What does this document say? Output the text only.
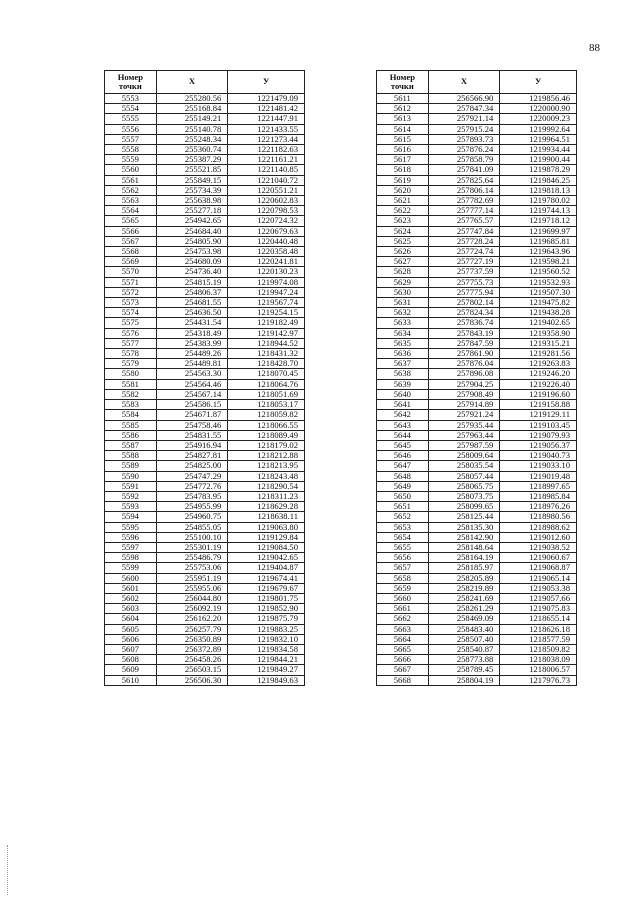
88
Номер точки	Х	У
5553	255280.56	1221479.09
5554	255168.84	1221481.42
5555	255149.21	1221447.91
5556	255140.78	1221433.55
5557	255248.34	1221273.44
5558	255360.74	1221182.63
5559	255387.29	1221161.21
5560	255521.85	1221140.85
5561	255849.15	1221040.72
5562	255734.39	1220551.21
5563	255638.98	1220602.83
5564	255277.18	1220798.53
5565	254942.65	1220724.32
5566	254684.40	1220679.63
5567	254805.90	1220440.48
5568	254753.98	1220358.48
5569	254680.09	1220241.81
5570	254736.40	1220130.23
5571	254815.19	1219974.08
5572	254806.37	1219947.24
5573	254681.55	1219567.74
5574	254636.50	1219254.15
5575	254431.54	1219182.49
5576	254318.49	1219142.97
5577	254383.99	1218944.52
5578	254489.26	1218431.32
5579	254489.81	1218428.70
5580	254563.30	1218070.45
5581	254564.46	1218064.76
5582	254567.14	1218051.69
5583	254586.15	1218053.17
5584	254671.87	1218059.82
5585	254758.46	1218066.55
5586	254831.55	1218089.49
5587	254916.94	1218179.02
5588	254827.81	1218212.88
5589	254825.00	1218213.95
5590	254747.29	1218243.48
5591	254772.76	1218290.54
5592	254783.95	1218311.23
5593	254955.99	1218629.28
5594	254960.75	1218638.11
5595	254855.05	1219063.80
5596	255100.10	1219129.84
5597	255301.19	1219084.50
5598	255486.79	1219042.65
5599	255753.06	1219404.87
5600	255951.19	1219674.41
5601	255955.06	1219679.67
5602	256044.80	1219801.75
5603	256092.19	1219852.90
5604	256162.20	1219875.79
5605	256257.79	1219883.25
5606	256350.89	1219832.10
5607	256372.89	1219834.58
5608	256458.26	1219844.21
5609	256503.15	1219849.27
5610	256506.30	1219849.63
Номер точки	Х	У
5611	256566.90	1219856.46
5612	257847.34	1220000.90
5613	257921.14	1220009.23
5614	257915.24	1219992.64
5615	257893.73	1219964.51
5616	257876.24	1219934.44
5617	257858.79	1219900.44
5618	257841.09	1219878.29
5619	257825.64	1219846.25
5620	257806.14	1219818.13
5621	257782.69	1219780.02
5622	257777.14	1219744.13
5623	257765.57	1219718.12
5624	257747.84	1219699.97
5625	257728.24	1219685.81
5626	257724.74	1219643.96
5627	257727.19	1219598.21
5628	257737.59	1219560.52
5629	257755.73	1219532.93
5630	257775.94	1219507.30
5631	257802.14	1219475.82
5632	257824.34	1219438.28
5633	257836.74	1219402.65
5634	257843.19	1219358.90
5635	257847.59	1219315.21
5636	257861.90	1219281.56
5637	257876.04	1219263.83
5638	257896.08	1219246.20
5639	257904.25	1219226.40
5640	257908.49	1219196.60
5641	257914.89	1219158.88
5642	257921.24	1219129.11
5643	257935.44	1219103.45
5644	257963.44	1219079.93
5645	257987.59	1219056.37
5646	258009.64	1219040.73
5647	258035.54	1219033.10
5648	258057.44	1219019.48
5649	258065.75	1218997.65
5650	258073.75	1218985.84
5651	258099.65	1218976.26
5652	258125.44	1218980.56
5653	258135.30	1218988.62
5654	258142.90	1219012.60
5655	258148.64	1219038.52
5656	258164.19	1219060.67
5657	258185.97	1219068.87
5658	258205.89	1219065.14
5659	258219.89	1219053.38
5660	258241.69	1219057.66
5661	258261.29	1219075.83
5662	258469.09	1218655.14
5663	258483.40	1218626.18
5664	258507.40	1218577.59
5665	258540.87	1218509.82
5666	258773.88	1218038.09
5667	258789.45	1218006.57
5668	258804.19	1217976.73
